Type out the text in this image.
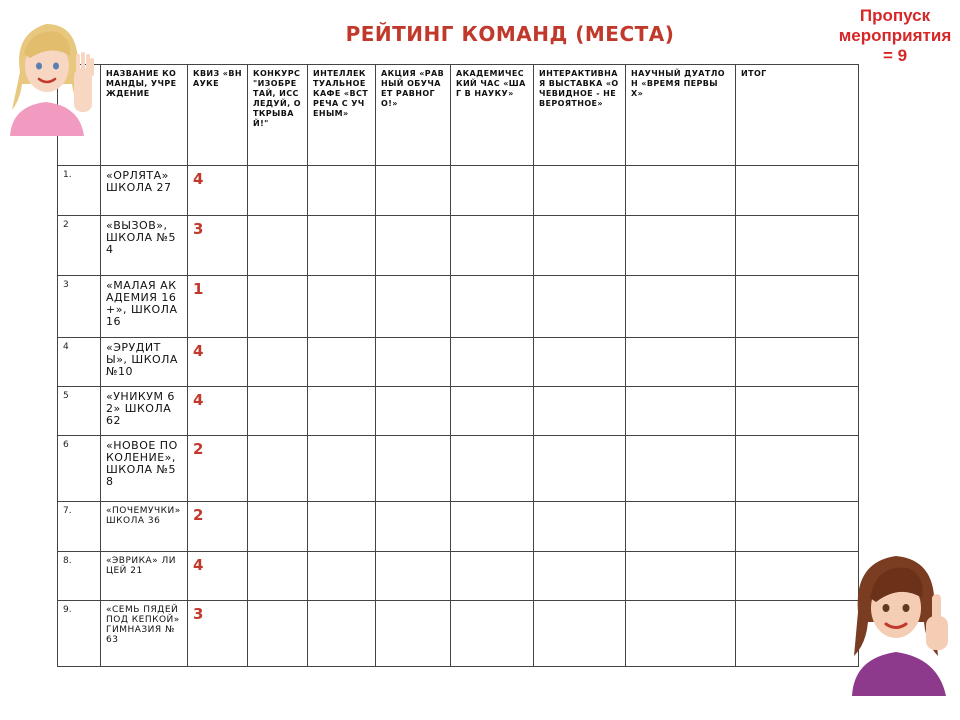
РЕЙТИНГ КОМАНД (МЕСТА)
Пропуск
мероприятия
= 9
	НАЗВАНИЕ КОМАНДЫ, УЧРЕЖДЕНИЕ	КВИЗ «ВНАУКЕ	КОНКУРС "ИЗОБРЕТАЙ, ИССЛЕДУЙ, ОТКРЫВАЙ!"	ИНТЕЛЛЕКТУАЛЬНОЕ КАФЕ «ВСТРЕЧА С УЧЕНЫМ»	АКЦИЯ «РАВНЫЙ ОБУЧАЕТ РАВНОГО!»	АКАДЕМИЧЕСКИЙ ЧАС «ШАГ В НАУКУ»	ИНТЕРАКТИВНАЯ ВЫСТАВКА «ОЧЕВИДНОЕ - НЕВЕРОЯТНОЕ»	НАУЧНЫЙ ДУАТЛОН «ВРЕМЯ ПЕРВЫХ»	ИТОГ
1.	«ОРЛЯТА» ШКОЛА 27	4							
2	«ВЫЗОВ», ШКОЛА №54	3							
3	«МАЛАЯ АКАДЕМИЯ 16+», ШКОЛА 16	1							
4	«ЭРУДИТЫ», ШКОЛА №10	4							
5	«УНИКУМ 62» ШКОЛА 62	4							
6	«НОВОЕ ПОКОЛЕНИЕ», ШКОЛА №58	2							
7.	«ПОЧЕМУЧКИ» ШКОЛА 36	2							
8.	«ЭВРИКА» ЛИЦЕЙ 21	4							
9.	«СЕМЬ ПЯДЕЙ ПОД КЕПКОЙ» ГИМНАЗИЯ № 63	3							
